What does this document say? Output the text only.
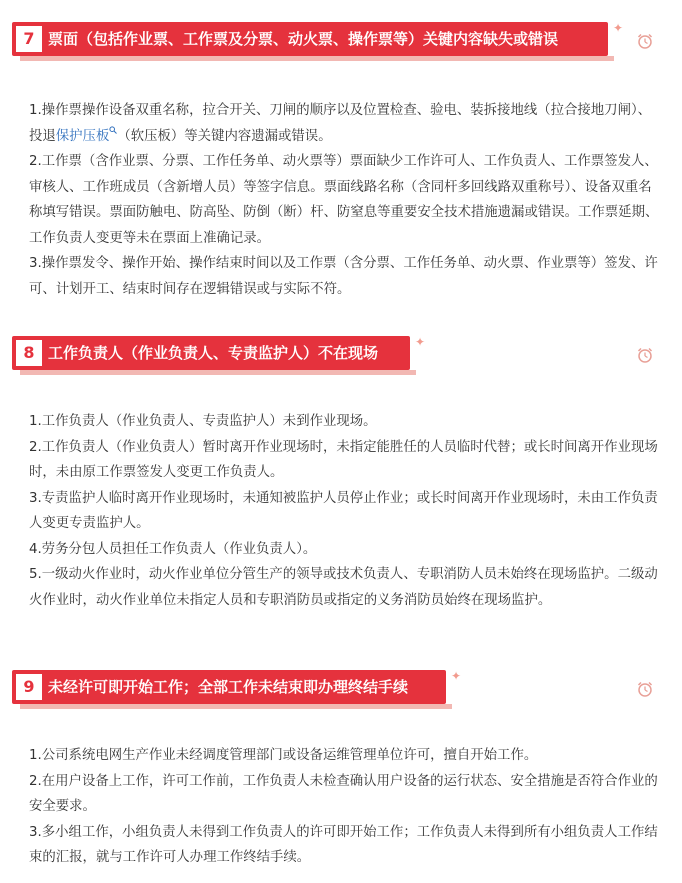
7 票面（包括作业票、工作票及分票、动火票、操作票等）关键内容缺失或错误
✦

1.操作票操作设备双重名称，拉合开关、刀闸的顺序以及位置检查、验电、装拆接地线（拉合接地刀闸）、投退保护压板 （软压板）等关键内容遗漏或错误。

2.工作票（含作业票、分票、工作任务单、动火票等）票面缺少工作许可人、工作负责人、工作票签发人、审核人、工作班成员（含新增人员）等签字信息。票面线路名称（含同杆多回线路双重称号）、设备双重名称填写错误。票面防触电、防高坠、防倒（断）杆、防窒息等重要安全技术措施遗漏或错误。工作票延期、工作负责人变更等未在票面上准确记录。

3.操作票发令、操作开始、操作结束时间以及工作票（含分票、工作任务单、动火票、作业票等）签发、许可、计划开工、结束时间存在逻辑错误或与实际不符。

8 工作负责人（作业负责人、专责监护人）不在现场
✦

1.工作负责人（作业负责人、专责监护人）未到作业现场。

2.工作负责人（作业负责人）暂时离开作业现场时，未指定能胜任的人员临时代替；或长时间离开作业现场时，未由原工作票签发人变更工作负责人。

3.专责监护人临时离开作业现场时，未通知被监护人员停止作业；或长时间离开作业现场时，未由工作负责人变更专责监护人。

4.劳务分包人员担任工作负责人（作业负责人）。

5.一级动火作业时，动火作业单位分管生产的领导或技术负责人、专职消防人员未始终在现场监护。二级动火作业时，动火作业单位未指定人员和专职消防员或指定的义务消防员始终在现场监护。

9 未经许可即开始工作；全部工作未结束即办理终结手续
✦

1.公司系统电网生产作业未经调度管理部门或设备运维管理单位许可，擅自开始工作。

2.在用户设备上工作，许可工作前，工作负责人未检查确认用户设备的运行状态、安全措施是否符合作业的安全要求。

3.多小组工作，小组负责人未得到工作负责人的许可即开始工作；工作负责人未得到所有小组负责人工作结束的汇报，就与工作许可人办理工作终结手续。
